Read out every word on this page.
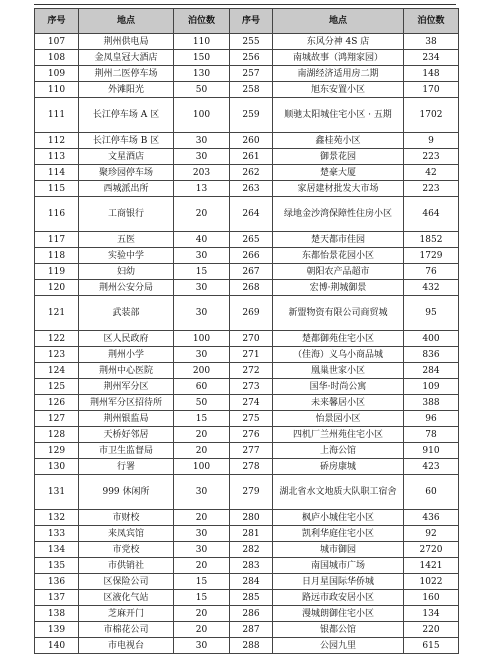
序号	地点	泊位数	序号	地点	泊位数
107	荆州供电局	110	255	东风分神 4S 店	38
108	金凤皇冠大酒店	150	256	南城故事（鸿翔家园）	234
109	荆州二医停车场	130	257	南湖经济适用房二期	148
110	外滩阳光	50	258	旭东安置小区	170
111	长江停车场 A 区	100	259	顺驰太阳城住宅小区 · 五期	1702
112	长江停车场 B 区	30	260	鑫桂苑小区	9
113	文星酒店	30	261	御景花园	223
114	聚珍园停车场	203	262	楚豪大厦	42
115	西城派出所	13	263	家居建材批发大市场	223
116	工商银行	20	264	绿地金沙湾保障性住房小区	464
117	五医	40	265	楚天都市佳园	1852
118	实验中学	30	266	东都怡景花园小区	1729
119	妇幼	15	267	朝阳农产品超市	76
120	荆州公安分局	30	268	宏博·荆城御景	432
121	武装部	30	269	新盟物资有限公司商贸城	95
122	区人民政府	100	270	楚都御苑住宅小区	400
123	荆州小学	30	271	（佳海）义乌小商品城	836
124	荆州中心医院	200	272	凰巢世家小区	284
125	荆州军分区	60	273	国华·时尚公寓	109
126	荆州军分区招待所	50	274	未来馨居小区	388
127	荆州银监局	15	275	怡景园小区	96
128	天桥好邻居	20	276	四机厂兰州苑住宅小区	78
129	市卫生监督局	20	277	上海公馆	910
130	行署	100	278	硚房康城	423
131	999 休闲所	30	279	湖北省水文地质大队职工宿舍	60
132	市财校	20	280	枫庐小城住宅小区	436
133	来凤宾馆	30	281	凯利华庭住宅小区	92
134	市党校	30	282	城市御园	2720
135	市供销社	20	283	南国城市广场	1421
136	区保险公司	15	284	日月星国际华侨城	1022
137	区液化气站	15	285	路远市政安居小区	160
138	芝麻开门	20	286	漫城朗御住宅小区	134
139	市棉花公司	20	287	银都公馆	220
140	市电视台	30	288	公园九里	615
